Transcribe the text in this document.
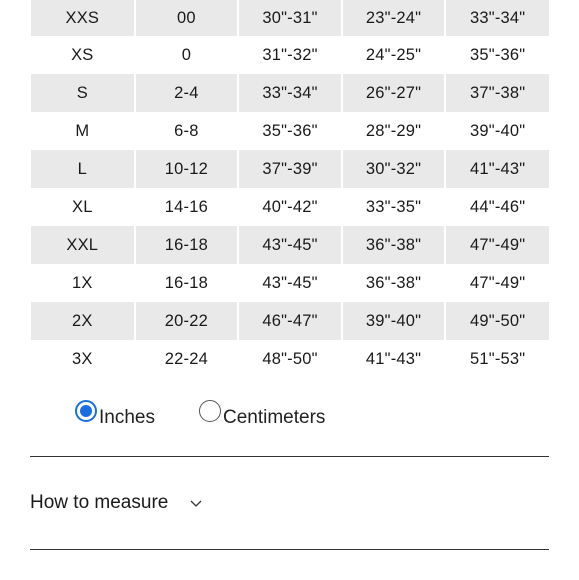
XXS	00	30"-31"	23"-24"	33"-34"
XS	0	31"-32"	24"-25"	35"-36"
S	2-4	33"-34"	26"-27"	37"-38"
M	6-8	35"-36"	28"-29"	39"-40"
L	10-12	37"-39"	30"-32"	41"-43"
XL	14-16	40"-42"	33"-35"	44"-46"
XXL	16-18	43"-45"	36"-38"	47"-49"
1X	16-18	43"-45"	36"-38"	47"-49"
2X	20-22	46"-47"	39"-40"	49"-50"
3X	22-24	48"-50"	41"-43"	51"-53"
Inches	Centimeters
How to measure
